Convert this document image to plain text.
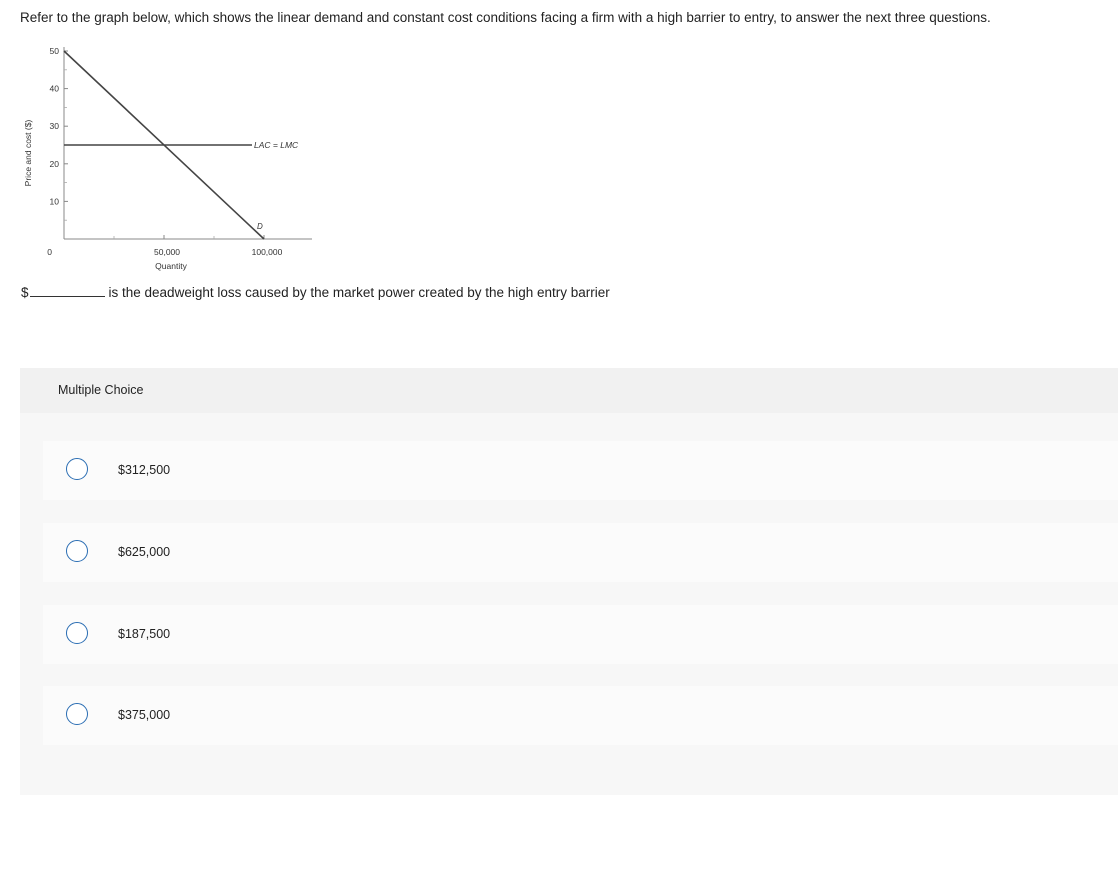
Refer to the graph below, which shows the linear demand and constant cost conditions facing a firm with a high barrier to entry, to answer the next three questions.
50
40
30
20
10
0	50,000	100,000
Quantity
Price and cost ($)
D
LAC = LMC
$	is the deadweight loss caused by the market power created by the high entry barrier
Multiple Choice
$312,500
$625,000
$187,500
$375,000
